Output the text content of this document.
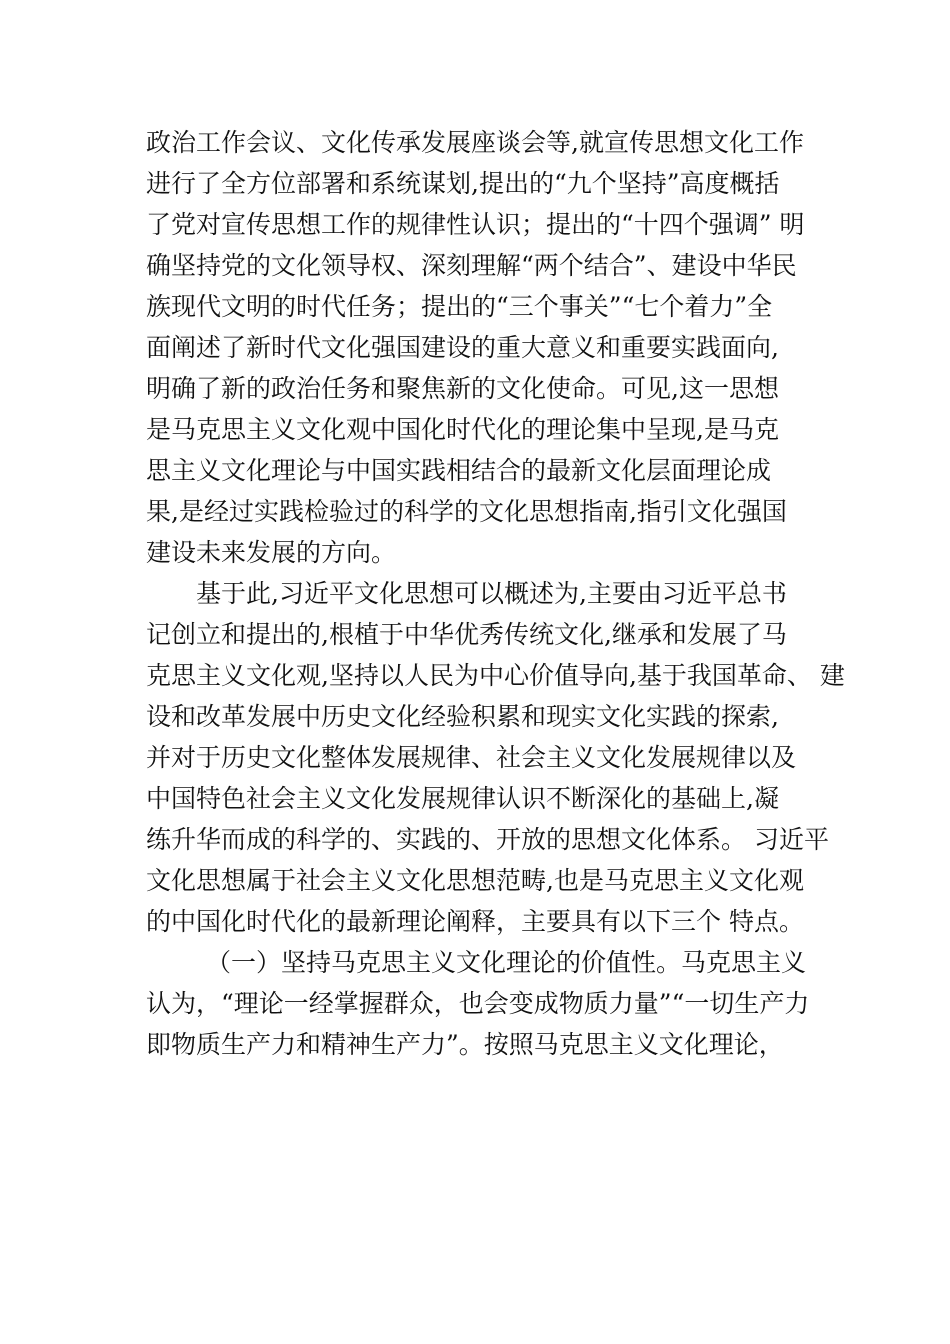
政治工作会议、文化传承发展座谈会等,就宣传思想文化工作
进行了全方位部署和系统谋划,提出的“九个坚持”高度概括
了党对宣传思想工作的规律性认识；提出的“十四个强调” 明
确坚持党的文化领导权、深刻理解“两个结合”、建设中华民
族现代文明的时代任务；提出的“三个事关”“七个着力”全
面阐述了新时代文化强国建设的重大意义和重要实践面向,
明确了新的政治任务和聚焦新的文化使命。可见,这一思想
是马克思主义文化观中国化时代化的理论集中呈现,是马克
思主义文化理论与中国实践相结合的最新文化层面理论成
果,是经过实践检验过的科学的文化思想指南,指引文化强国
建设未来发展的方向。
基于此,习近平文化思想可以概述为,主要由习近平总书
记创立和提出的,根植于中华优秀传统文化,继承和发展了马
克思主义文化观,坚持以人民为中心价值导向,基于我国革命、 建
设和改革发展中历史文化经验积累和现实文化实践的探索,
并对于历史文化整体发展规律、社会主义文化发展规律以及
中国特色社会主义文化发展规律认识不断深化的基础上,凝
练升华而成的科学的、实践的、开放的思想文化体系。 习近平
文化思想属于社会主义文化思想范畴,也是马克思主义文化观
的中国化时代化的最新理论阐释，主要具有以下三个 特点。
（一）坚持马克思主义文化理论的价值性。马克思主义
认为，“理论一经掌握群众，也会变成物质力量”“一切生产力
即物质生产力和精神生产力”。按照马克思主义文化理论，
